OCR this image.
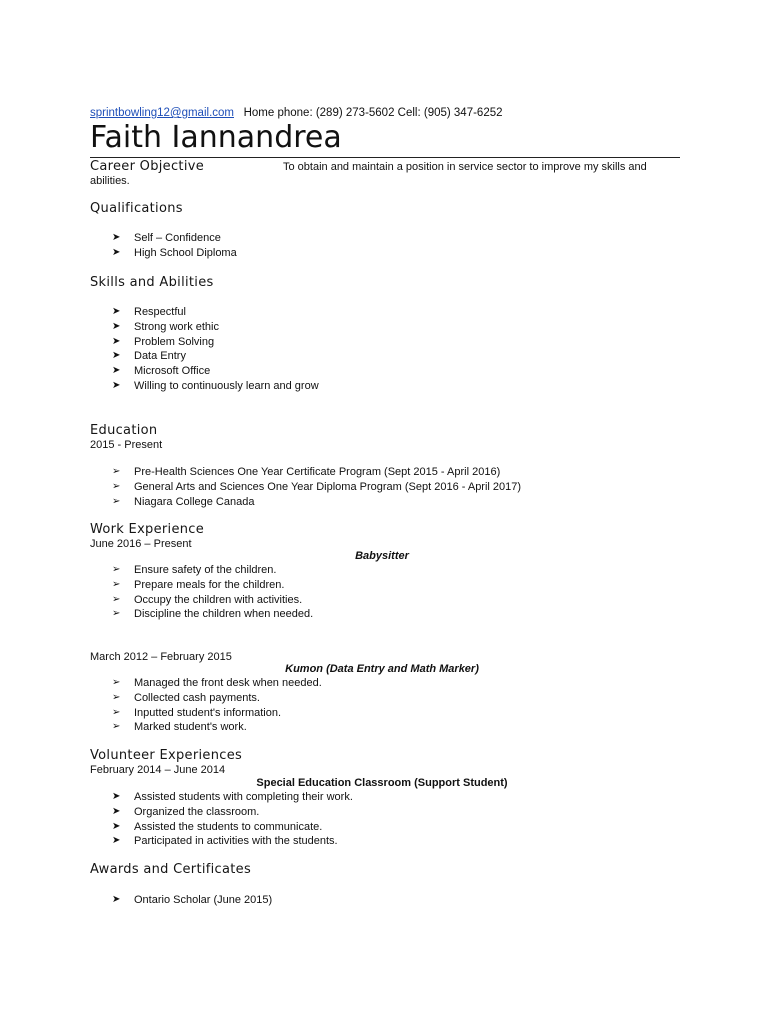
sprintbowling12@gmail.com Home phone: (289) 273-5602 Cell: (905) 347-6252
Faith Iannandrea
Career Objective	To obtain and maintain a position in service sector to improve my skills and
abilities.
Qualifications
➤ Self – Confidence
➤ High School Diploma
Skills and Abilities
➤ Respectful
➤ Strong work ethic
➤ Problem Solving
➤ Data Entry
➤ Microsoft Office
➤ Willing to continuously learn and grow
Education
2015 - Present
➢ Pre-Health Sciences One Year Certificate Program (Sept 2015 - April 2016)
➢ General Arts and Sciences One Year Diploma Program (Sept 2016 - April 2017)
➢ Niagara College Canada
Work Experience
June 2016 – Present
Babysitter
➢ Ensure safety of the children.
➢ Prepare meals for the children.
➢ Occupy the children with activities.
➢ Discipline the children when needed.
March 2012 – February 2015
Kumon (Data Entry and Math Marker)
➢ Managed the front desk when needed.
➢ Collected cash payments.
➢ Inputted student's information.
➢ Marked student's work.
Volunteer Experiences
February 2014 – June 2014
Special Education Classroom (Support Student)
➤ Assisted students with completing their work.
➤ Organized the classroom.
➤ Assisted the students to communicate.
➤ Participated in activities with the students.
Awards and Certificates
➤ Ontario Scholar (June 2015)
